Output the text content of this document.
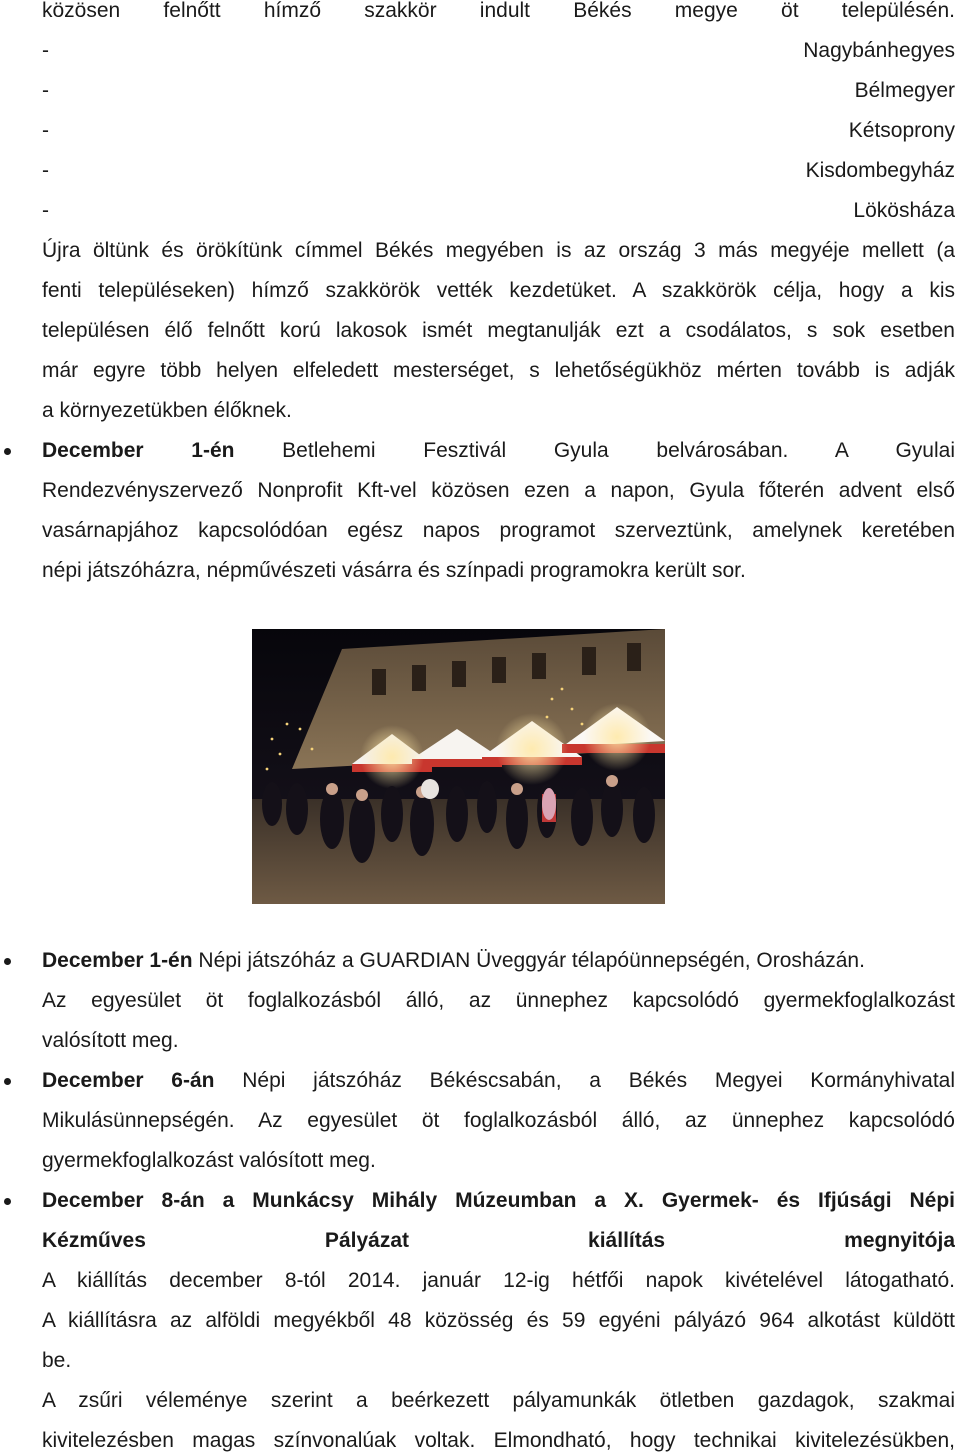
közösen felnőtt hímző szakkör indult Békés megye öt településén.
-	Nagybánhegyes
-	Bélmegyer
-	Kétsoprony
-	Kisdombegyház
-	Lökösháza
Újra öltünk és örökítünk címmel Békés megyében is az ország 3 más megyéje mellett (a
fenti településeken) hímző szakkörök vették kezdetüket. A szakkörök célja, hogy a kis
településen élő felnőtt korú lakosok ismét megtanulják ezt a csodálatos, s sok esetben
már egyre több helyen elfeledett mesterséget, s lehetőségükhöz mérten tovább is adják
a környezetükben élőknek.
December 1-én Betlehemi Fesztivál Gyula belvárosában. A Gyulai
Rendezvényszervező Nonprofit Kft-vel közösen ezen a napon, Gyula főterén advent első
vasárnapjához kapcsolódóan egész napos programot szerveztünk, amelynek keretében
népi játszóházra, népművészeti vásárra és színpadi programokra került sor.
December 1-én Népi játszóház a GUARDIAN Üveggyár télapóünnepségén, Orosházán.
Az egyesület öt foglalkozásból álló, az ünnephez kapcsolódó gyermekfoglalkozást
valósított meg.
December 6-án Népi játszóház Békéscsabán, a Békés Megyei Kormányhivatal
Mikulásünnepségén. Az egyesület öt foglalkozásból álló, az ünnephez kapcsolódó
gyermekfoglalkozást valósított meg.
December 8-án a Munkácsy Mihály Múzeumban a X. Gyermek- és Ifjúsági Népi
Kézműves Pályázat kiállítás megnyitója
A kiállítás december 8-tól 2014. január 12-ig hétfői napok kivételével látogatható.
A kiállításra az alföldi megyékből 48 közösség és 59 egyéni pályázó 964 alkotást küldött
be.
A zsűri véleménye szerint a beérkezett pályamunkák ötletben gazdagok, szakmai
kivitelezésben magas színvonalúak voltak. Elmondható, hogy technikai kivitelezésükben,
